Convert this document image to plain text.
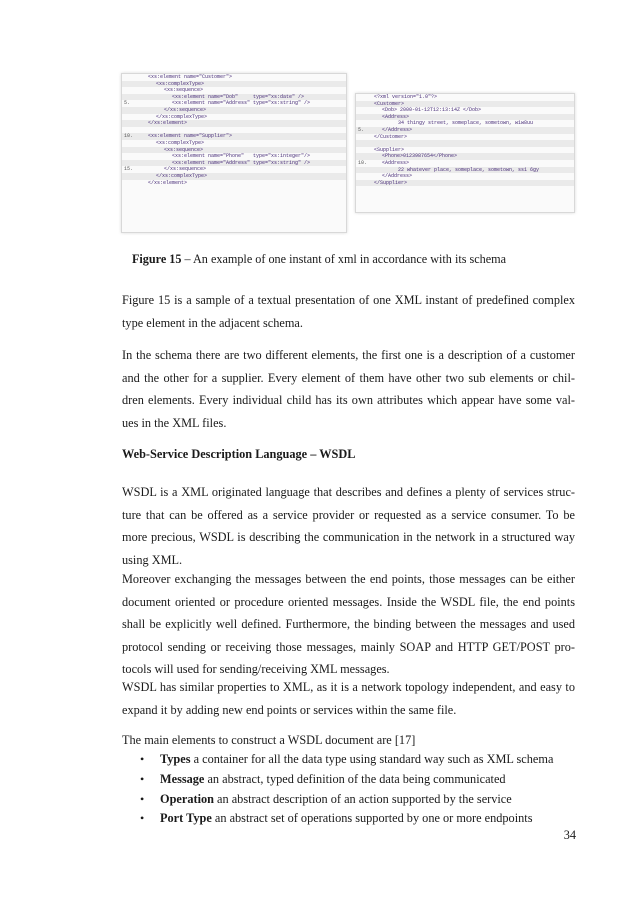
<xs:element name="Customer">
<xs:complexType>
<xs:sequence>
<xs:element name="Dob"     type="xs:date" />
5.	<xs:element name="Address" type="xs:string" />
</xs:sequence>
</xs:complexType>
</xs:element>
10.	<xs:element name="Supplier">
<xs:complexType>
<xs:sequence>
<xs:element name="Phone"   type="xs:integer"/>
<xs:element name="Address" type="xs:string" />
15.	</xs:sequence>
</xs:complexType>
</xs:element>
<?xml version="1.0"?>
<Customer>
<Dob> 2000-01-12T12:13:14Z </Dob>
<Address>
34 thingy street, someplace, sometown, w1w8uu
5.	</Address>
</Customer>
<Supplier>
<Phone>0123987654</Phone>
10.	<Address>
22 whatever place, someplace, sometown, ss1 6gy
</Address>
</Supplier>
Figure 15 – An example of one instant of xml in accordance with its schema
Figure 15 is a sample of a textual presentation of one XML instant of predefined complex type element in the adjacent schema.
In the schema there are two different elements, the first one is a description of a customer and the other for a supplier. Every element of them have other two sub elements or chil-dren elements. Every individual child has its own attributes which appear have some val-ues in the XML files.
Web-Service Description Language – WSDL
WSDL is a XML originated language that describes and defines a plenty of services struc-ture that can be offered as a service provider or requested as a service consumer. To be more precious, WSDL is describing the communication in the network in a structured way using XML.
Moreover exchanging the messages between the end points, those messages can be either document oriented or procedure oriented messages. Inside the WSDL file, the end points shall be explicitly well defined. Furthermore, the binding between the messages and used protocol sending or receiving those messages, mainly SOAP and HTTP GET/POST pro-tocols will used for sending/receiving XML messages.
WSDL has similar properties to XML, as it is a network topology independent, and easy to expand it by adding new end points or services within the same file.
The main elements to construct a WSDL document are [17]
• Types a container for all the data type using standard way such as XML schema
• Message an abstract, typed definition of the data being communicated
• Operation an abstract description of an action supported by the service
• Port Type an abstract set of operations supported by one or more endpoints
34
